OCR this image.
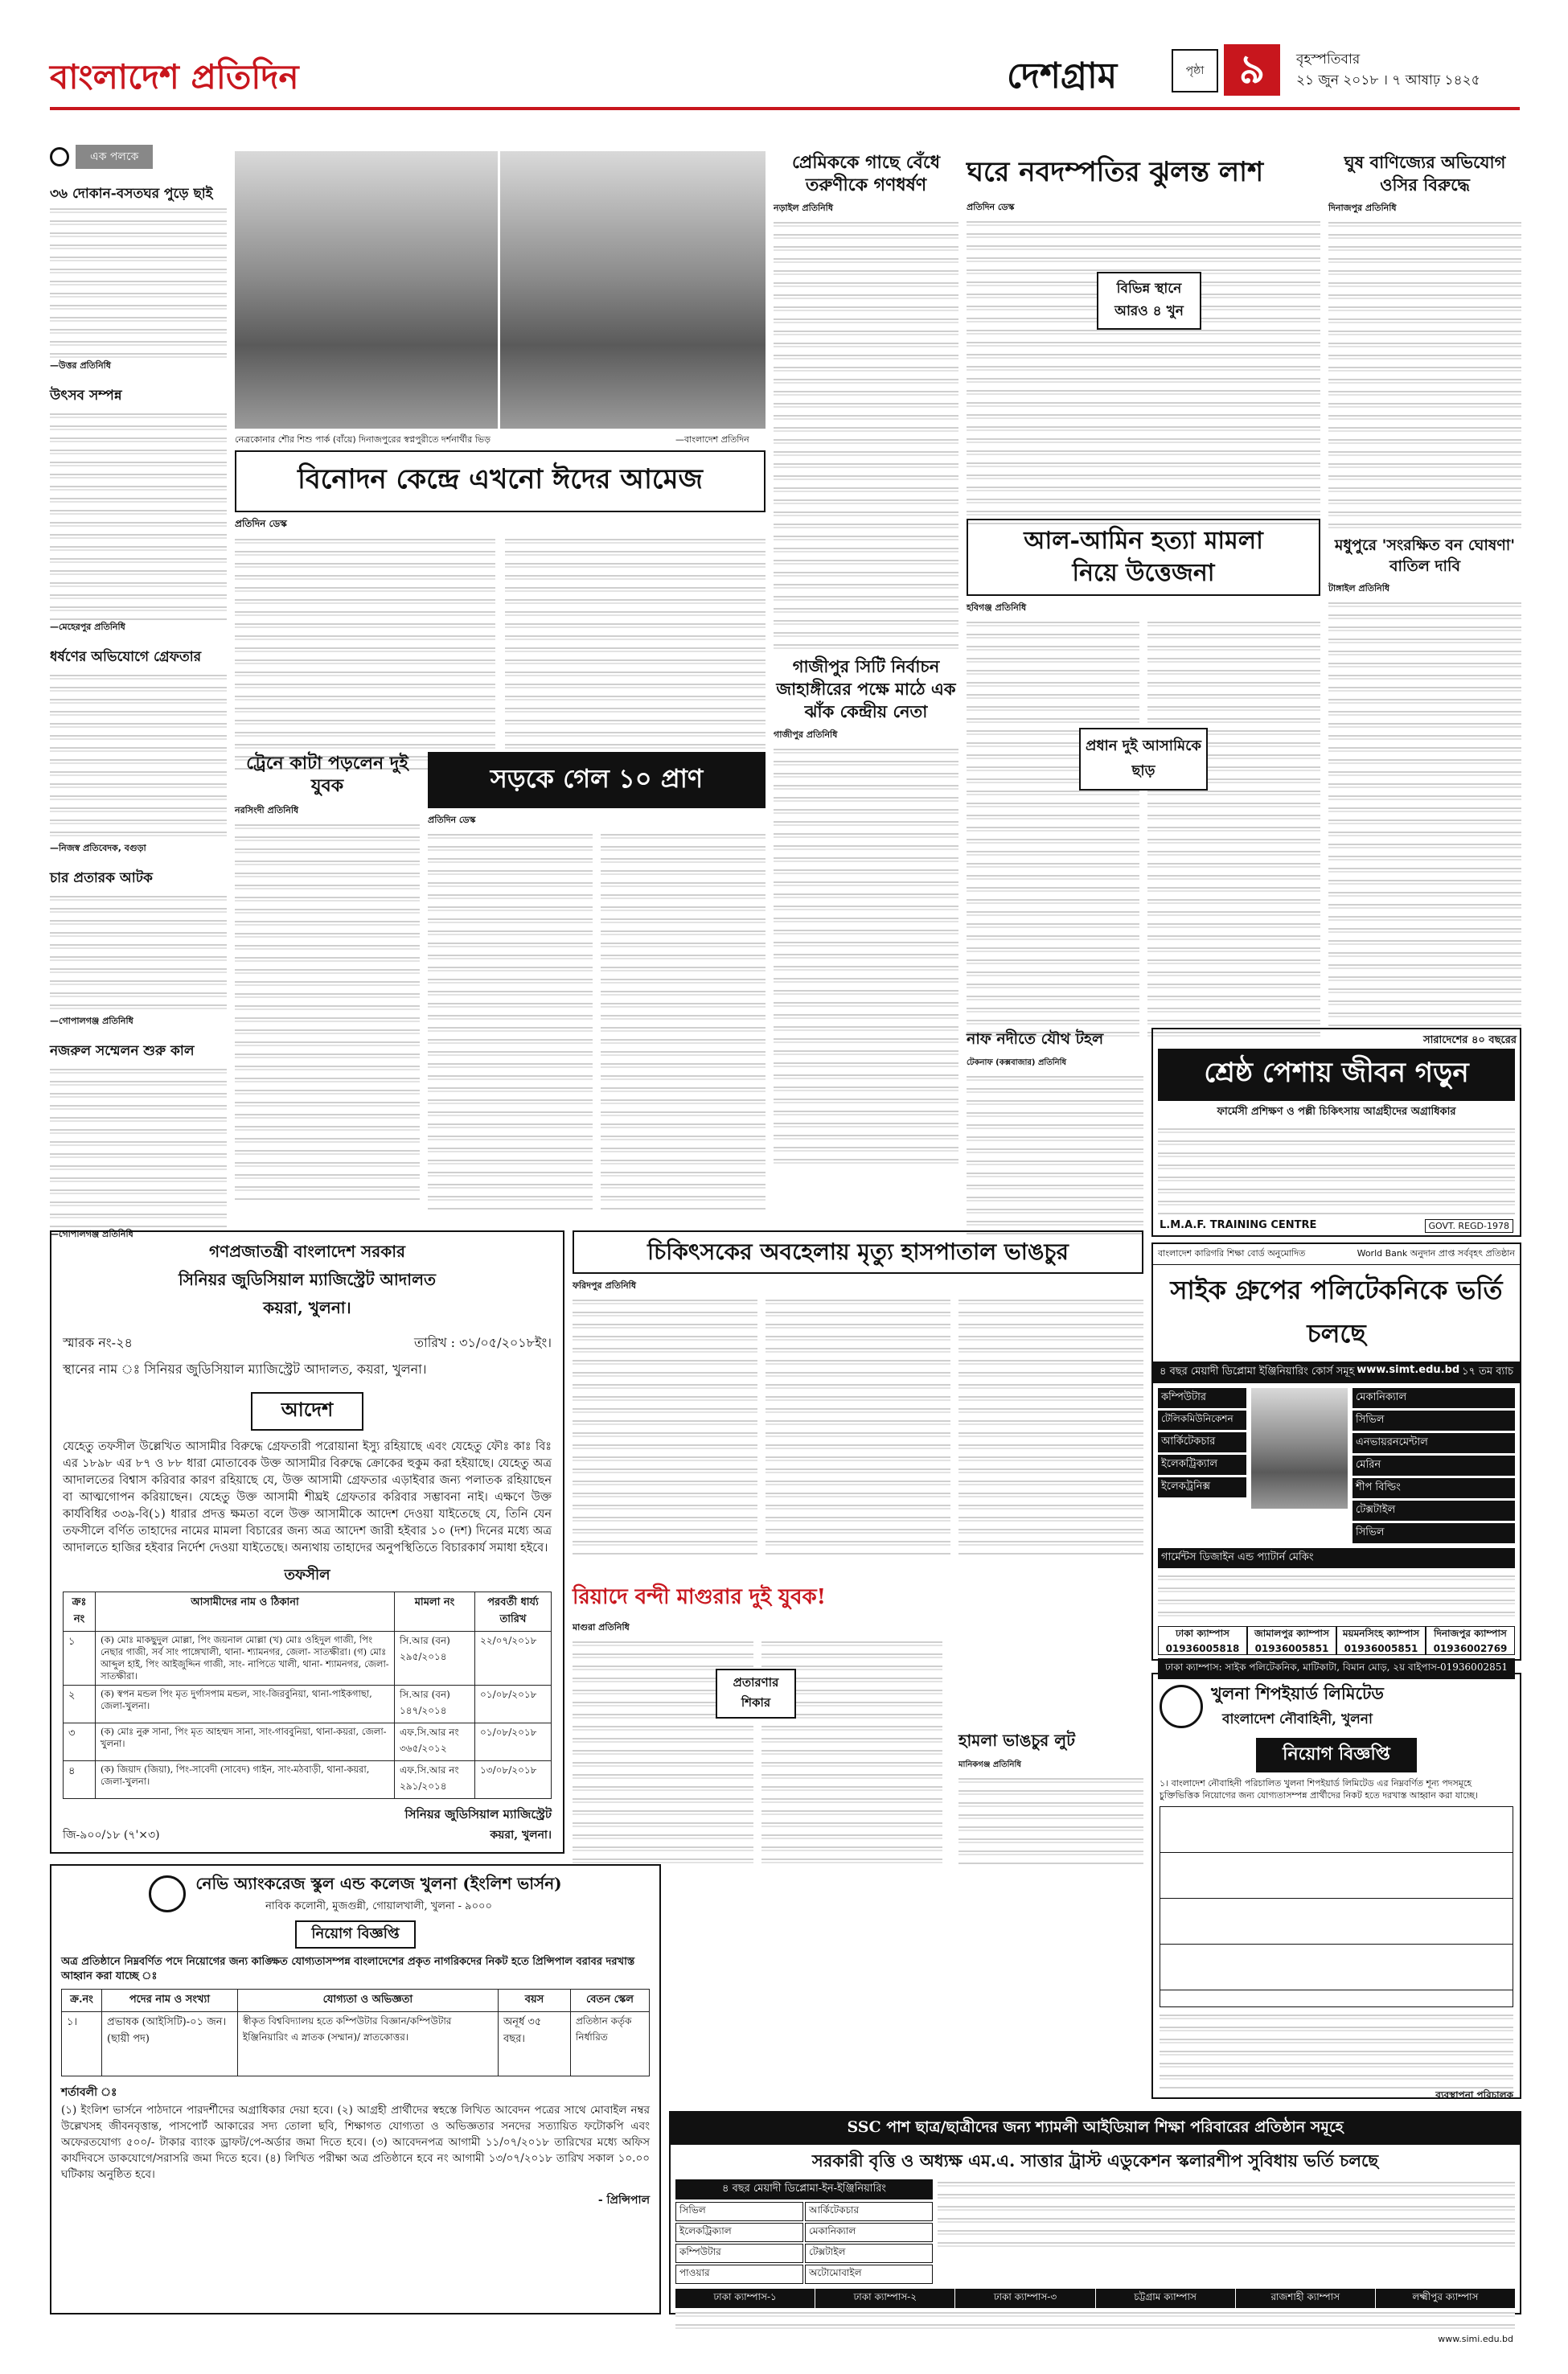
বাংলাদেশ প্রতিদিন	দেশগ্রাম	পৃষ্ঠা ৯	বৃহস্পতিবার
২১ জুন ২০১৮ । ৭ আষাঢ় ১৪২৫
এক পলকে
৩৬ দোকান-বসতঘর পুড়ে ছাই
—উত্তর প্রতিনিধি
উৎসব সম্পন্ন
—মেহেরপুর প্রতিনিধি
ধর্ষণের অভিযোগে গ্রেফতার
—নিজস্ব প্রতিবেদক, বগুড়া
চার প্রতারক আটক
—গোপালগঞ্জ প্রতিনিধি
নজরুল সম্মেলন শুরু কাল
—গোপালগঞ্জ প্রতিনিধি
নেত্রকোনার শৌর শিশু পার্ক (বাঁয়ে) দিনাজপুরের স্বপ্নপুরীতে দর্শনার্থীর ভিড়	—বাংলাদেশ প্রতিদিন
বিনোদন কেন্দ্রে এখনো ঈদের আমেজ
প্রতিদিন ডেস্ক
ট্রেনে কাটা পড়লেন দুই যুবক
নরসিংদী প্রতিনিধি
সড়কে গেল ১০ প্রাণ
প্রতিদিন ডেস্ক
প্রেমিককে গাছে বেঁধে তরুণীকে গণধর্ষণ
নড়াইল প্রতিনিধি
গাজীপুর সিটি নির্বাচন জাহাঙ্গীরের পক্ষে মাঠে এক ঝাঁক কেন্দ্রীয় নেতা
গাজীপুর প্রতিনিধি
ঘরে নবদম্পতির ঝুলন্ত লাশ
প্রতিদিন ডেস্ক
বিভিন্ন স্থানে আরও ৪ খুন
ঘুষ বাণিজ্যের অভিযোগ ওসির বিরুদ্ধে
দিনাজপুর প্রতিনিধি
আল-আমিন হত্যা মামলা নিয়ে উত্তেজনা
হবিগঞ্জ প্রতিনিধি
প্রধান দুই আসামিকে ছাড়
মধুপুরে 'সংরক্ষিত বন ঘোষণা' বাতিল দাবি
টাঙ্গাইল প্রতিনিধি
নাফ নদীতে যৌথ টহল
টেকনাফ (কক্সবাজার) প্রতিনিধি
সারাদেশের ৪০ বছরের
শ্রেষ্ঠ পেশায় জীবন গড়ুন
ফার্মেসী প্রশিক্ষণ ও পল্লী চিকিৎসায় আগ্রহীদের অগ্রাধিকার
L.M.A.F. TRAINING CENTRE	GOVT. REGD-1978
গণপ্রজাতন্ত্রী বাংলাদেশ সরকার
সিনিয়র জুডিসিয়াল ম্যাজিস্ট্রেট আদালত
কয়রা, খুলনা।
স্মারক নং-২৪	তারিখ : ৩১/০৫/২০১৮ইং।
স্থানের নাম ঃ সিনিয়র জুডিসিয়াল ম্যাজিস্ট্রেট আদালত, কয়রা, খুলনা।
আদেশ
যেহেতু তফসীল উল্লেখিত আসামীর বিরুদ্ধে গ্রেফতারী পরোয়ানা ইস্যু রহিয়াছে এবং যেহেতু ফৌঃ কাঃ বিঃ এর ১৮৯৮ এর ৮৭ ও ৮৮ ধারা মোতাবেক উক্ত আসামীর বিরুদ্ধে ক্রোকের হুকুম করা হইয়াছে। যেহেতু অত্র আদালতের বিশ্বাস করিবার কারণ রহিয়াছে যে, উক্ত আসামী গ্রেফতার এড়াইবার জন্য পলাতক রহিয়াছেন বা আত্মগোপন করিয়াছেন। যেহেতু উক্ত আসামী শীঘ্রই গ্রেফতার করিবার সম্ভাবনা নাই। এক্ষণে উক্ত কার্যবিধির ৩৩৯-বি(১) ধারার প্রদত্ত ক্ষমতা বলে উক্ত আসামীকে আদেশ দেওয়া যাইতেছে যে, তিনি যেন তফসীলে বর্ণিত তাহাদের নামের মামলা বিচারের জন্য অত্র আদেশ জারী হইবার ১০ (দশ) দিনের মধ্যে অত্র আদালতে হাজির হইবার নির্দেশ দেওয়া যাইতেছে। অন্যথায় তাহাদের অনুপস্থিতিতে বিচারকার্য সমাধা হইবে।
তফসীল
ক্রঃ নং	আসামীদের নাম ও ঠিকানা	মামলা নং	পরবর্তী ধার্য্য তারিখ
১	(ক) মোঃ মাকছুদুল মোল্লা, পিং জয়নাল মোল্লা (খ) মোঃ ওহিদুল গাজী, পিং নেছার গাজী, সর্ব সাং পাঙ্গেখালী, থানা- শ্যামনগর, জেলা- সাতক্ষীরা। (গ) মোঃ আব্দুল হাই, পিং আইজুদ্দিন গাজী, সাং- নাপিতে খালী, থানা- শ্যামনগর, জেলা- সাতক্ষীরা।	সি.আর (বন) ২৯৫/২০১৪	২২/০৭/২০১৮
২	(ক) স্বপন মন্ডল পিং মৃত দুর্গাসপাম মন্ডল, সাং-জিরবুনিয়া, থানা-পাইকগাছা, জেলা-খুলনা।	সি.আর (বন) ১৪৭/২০১৪	০১/০৮/২০১৮
৩	(ক) মোঃ নুরু সানা, পিং মৃত আহম্মদ সানা, সাং-গাববুনিয়া, থানা-কয়রা, জেলা-খুলনা।	এফ.সি.আর নং ৩৬৫/২০১২	০১/০৮/২০১৮
৪	(ক) জিয়াদ (জিয়া), পিং-সাবেদী (সাবেদ) গাইন, সাং-মঠবাড়ী, থানা-কয়রা, জেলা-খুলনা।	এফ.সি.আর নং ২৯১/২০১৪	১৩/০৮/২০১৮
সিনিয়র জুডিসিয়াল ম্যাজিস্ট্রেট
জি-৯০০/১৮ (৭'×৩)	কয়রা, খুলনা।
চিকিৎসকের অবহেলায় মৃত্যু হাসপাতাল ভাঙচুর
ফরিদপুর প্রতিনিধি
রিয়াদে বন্দী মাগুরার দুই যুবক!
মাগুরা প্রতিনিধি
প্রতারণার শিকার
হামলা ভাঙচুর লুট
মানিকগঞ্জ প্রতিনিধি
বাংলাদেশ কারিগরি শিক্ষা বোর্ড অনুমোদিত	World Bank অনুদান প্রাপ্ত সর্ববৃহৎ প্রতিষ্ঠান
সাইক গ্রুপের পলিটেকনিকে ভর্তি চলছে
৪ বছর মেয়াদী ডিপ্লোমা ইঞ্জিনিয়ারিং কোর্স সমূহ www.simt.edu.bd ১৭ তম ব্যাচ
কম্পিউটার
টেলিকমিউনিকেশন
আর্কিটেকচার
ইলেকট্রিক্যাল
ইলেকট্রনিক্স
মেকানিক্যাল
সিভিল
এনভায়রনমেন্টাল
মেরিন
শীপ বিল্ডিং
টেক্সটাইল
সিভিল
গার্মেন্টস ডিজাইন এন্ড প্যাটার্ন মেকিং
ঢাকা ক্যাম্পাস
01936005818
জামালপুর ক্যাম্পাস
01936005851
ময়মনসিংহ ক্যাম্পাস
01936005851
দিনাজপুর ক্যাম্পাস
01936002769
ঢাকা ক্যাম্পাস: সাইক পলিটেকনিক, মাটিকাটা, বিমান মোড়, ২য় বাইপাস-01936002851
খুলনা শিপইয়ার্ড লিমিটেড
বাংলাদেশ নৌবাহিনী, খুলনা
নিয়োগ বিজ্ঞপ্তি
১। বাংলাদেশ নৌবাহিনী পরিচালিত খুলনা শিপইয়ার্ড লিমিটেড এর নিম্নবর্ণিত শূন্য পদসমূহে চুক্তিভিত্তিক নিয়োগের জন্য যোগ্যতাসম্পন্ন প্রার্থীদের নিকট হতে দরখাস্ত আহ্বান করা যাচ্ছে।
ব্যবস্থাপনা পরিচালক
নেভি অ্যাংকরেজ স্কুল এন্ড কলেজ খুলনা (ইংলিশ ভার্সন)
নাবিক কলোনী, মুজগুন্নী, গোয়ালখালী, খুলনা - ৯০০০
নিয়োগ বিজ্ঞপ্তি
অত্র প্রতিষ্ঠানে নিম্নবর্ণিত পদে নিয়োগের জন্য কাঙ্ক্ষিত যোগ্যতাসম্পন্ন বাংলাদেশের প্রকৃত নাগরিকদের নিকট হতে প্রিন্সিপাল বরাবর দরখাস্ত আহ্বান করা যাচ্ছে ঃ
ক্র.নং	পদের নাম ও সংখ্যা	যোগ্যতা ও অভিজ্ঞতা	বয়স	বেতন স্কেল
১।	প্রভাষক (আইসিটি)-০১ জন। (ছায়ী পদ)	স্বীকৃত বিশ্ববিদ্যালয় হতে কম্পিউটার বিজ্ঞান/কম্পিউটার ইঞ্জিনিয়ারিং এ স্নাতক (সম্মান)/ স্নাতকোত্তর।	অনূর্ধ ৩৫ বছর।	প্রতিষ্ঠান কর্তৃক নির্ধারিত
শর্তাবলী ঃ
(১) ইংলিশ ভার্সনে পাঠদানে পারদর্শীদের অগ্রাধিকার দেয়া হবে। (২) আগ্রহী প্রার্থীদের স্বহস্তে লিখিত আবেদন পত্রের সাথে মোবাইল নম্বর উল্লেখসহ জীবনবৃত্তান্ত, পাসপোর্ট আকারের সদ্য তোলা ছবি, শিক্ষাগত যোগ্যতা ও অভিজ্ঞতার সনদের সত্যায়িত ফটোকপি এবং অফেরতযোগ্য ৫০০/- টাকার ব্যাংক ড্রাফট/পে-অর্ডার জমা দিতে হবে। (৩) আবেদনপত্র আগামী ১১/০৭/২০১৮ তারিখের মধ্যে অফিস কার্যদিবসে ডাকযোগে/সরাসরি জমা দিতে হবে। (৪) লিখিত পরীক্ষা অত্র প্রতিষ্ঠানে হবে নং আগামী ১৩/০৭/২০১৮ তারিখ সকাল ১০.০০ ঘটিকায় অনুষ্ঠিত হবে।
- প্রিন্সিপাল
SSC পাশ ছাত্র/ছাত্রীদের জন্য শ্যামলী আইডিয়াল শিক্ষা পরিবারের প্রতিষ্ঠান সমূহে
সরকারী বৃত্তি ও অধ্যক্ষ এম.এ. সাত্তার ট্রাস্ট এডুকেশন স্কলারশীপ সুবিধায় ভর্তি চলছে
৪ বছর মেয়াদী ডিপ্লোমা-ইন-ইঞ্জিনিয়ারিং
সিভিল	আর্কিটেকচার
ইলেকট্রিক্যাল	মেকানিক্যাল
কম্পিউটার	টেক্সটাইল
পাওয়ার	অটোমোবাইল
ঢাকা ক্যাম্পাস-১	ঢাকা ক্যাম্পাস-২	ঢাকা ক্যাম্পাস-৩	চট্টগ্রাম ক্যাম্পাস	রাজশাহী ক্যাম্পাস	লক্ষ্মীপুর ক্যাম্পাস
www.simi.edu.bd
